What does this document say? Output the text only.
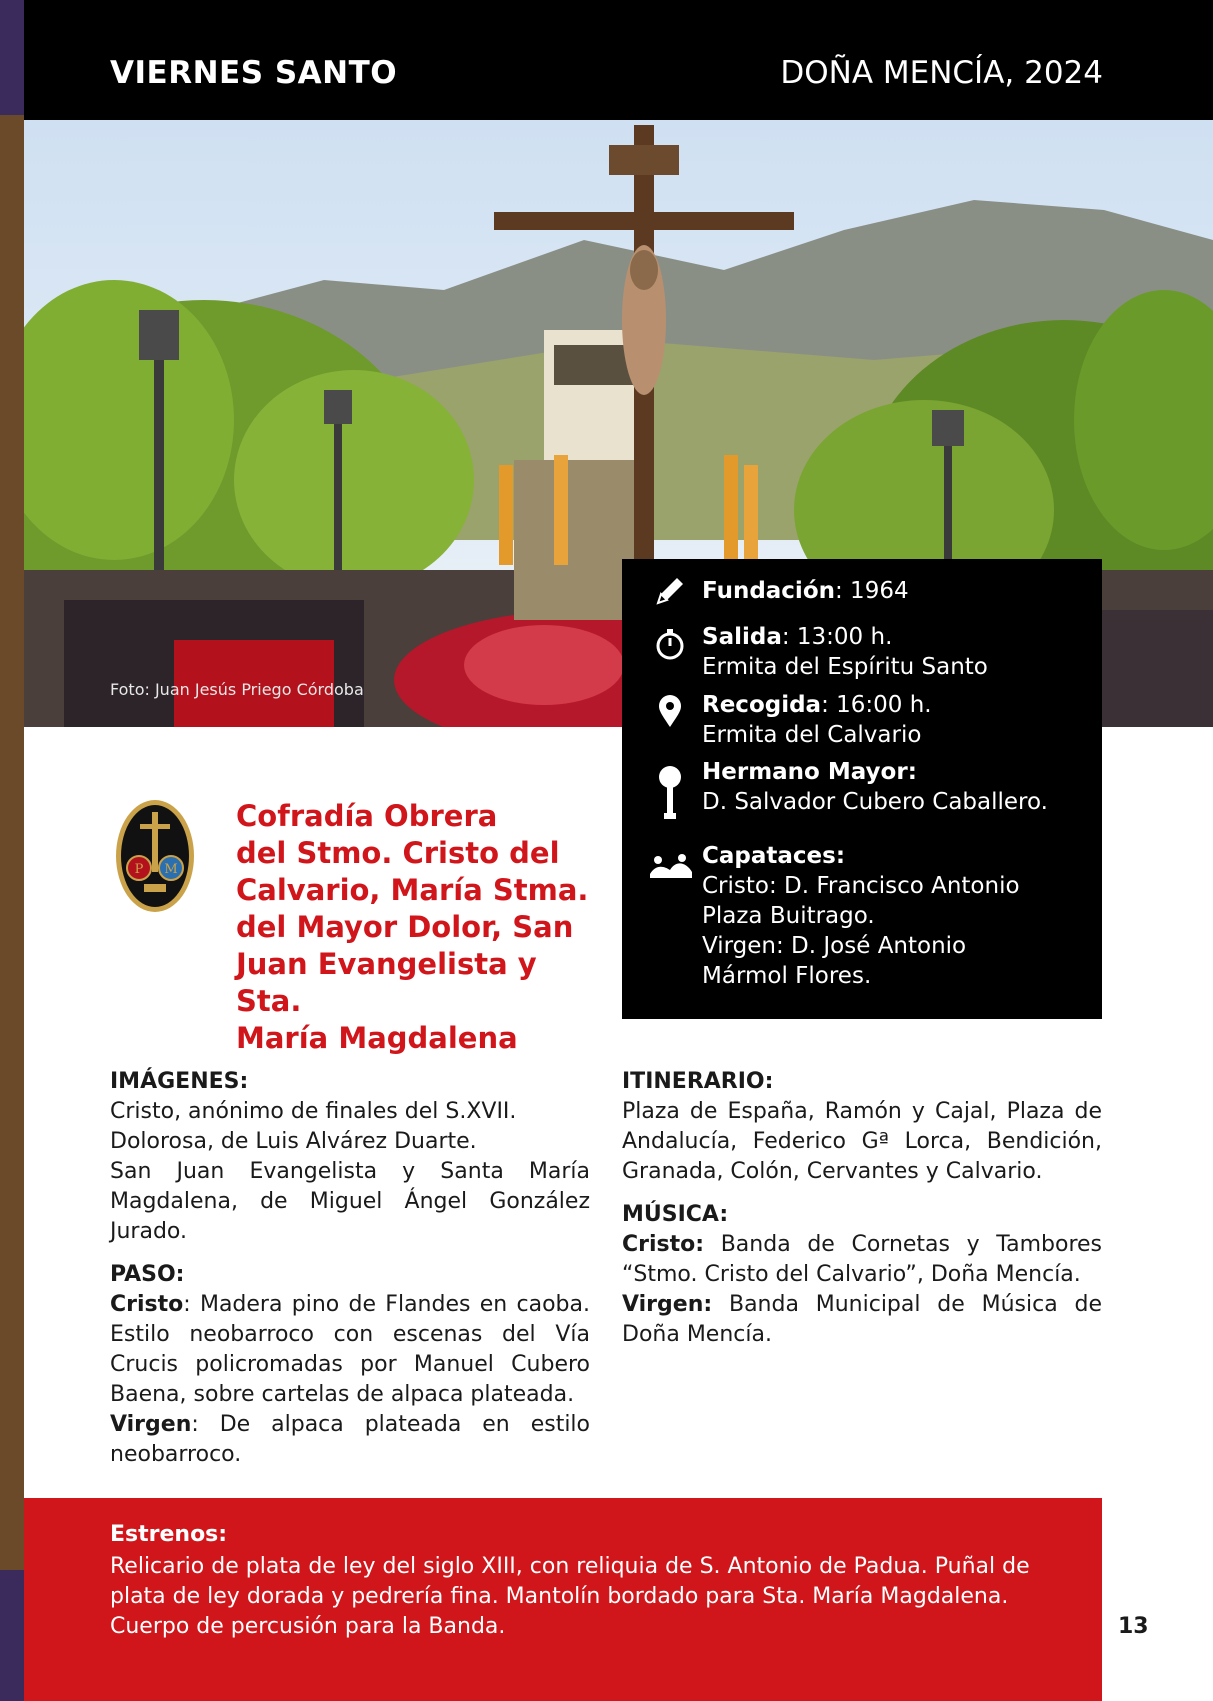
VIERNES SANTO	DOÑA MENCÍA, 2024
Foto: Juan Jesús Priego Córdoba
Fundación: 1964
Salida: 13:00 h.
Ermita del Espíritu Santo
Recogida: 16:00 h.
Ermita del Calvario
Hermano Mayor:
D. Salvador Cubero Caballero.
Capataces:
Cristo: D. Francisco Antonio
Plaza Buitrago.
Virgen: D. José Antonio
Mármol Flores.
P M
Cofradía Obrera
del Stmo. Cristo del
Calvario, María Stma.
del Mayor Dolor, San
Juan Evangelista y Sta.
María Magdalena
IMÁGENES:

Cristo, anónimo de finales del S.XVII.

Dolorosa, de Luis Alvárez Duarte.

San Juan Evangelista y Santa María Magdalena, de Miguel Ángel González Jurado.

PASO:

Cristo: Madera pino de Flandes en caoba. Estilo neobarroco con escenas del Vía Crucis policromadas por Manuel Cubero Baena, sobre cartelas de alpaca plateada.

Virgen: De alpaca plateada en estilo neobarroco.

ITINERARIO:

Plaza de España, Ramón y Cajal, Plaza de Andalucía, Federico Gª Lorca, Bendición, Granada, Colón, Cervantes y Calvario.

MÚSICA:

Cristo: Banda de Cornetas y Tambores “Stmo. Cristo del Calvario”, Doña Mencía.

Virgen: Banda Municipal de Música de Doña Mencía.

Estrenos:
Relicario de plata de ley del siglo XIII, con reliquia de S. Antonio de Padua. Puñal de plata de ley dorada y pedrería fina. Mantolín bordado para Sta. María Magdalena. Cuerpo de percusión para la Banda.	13
